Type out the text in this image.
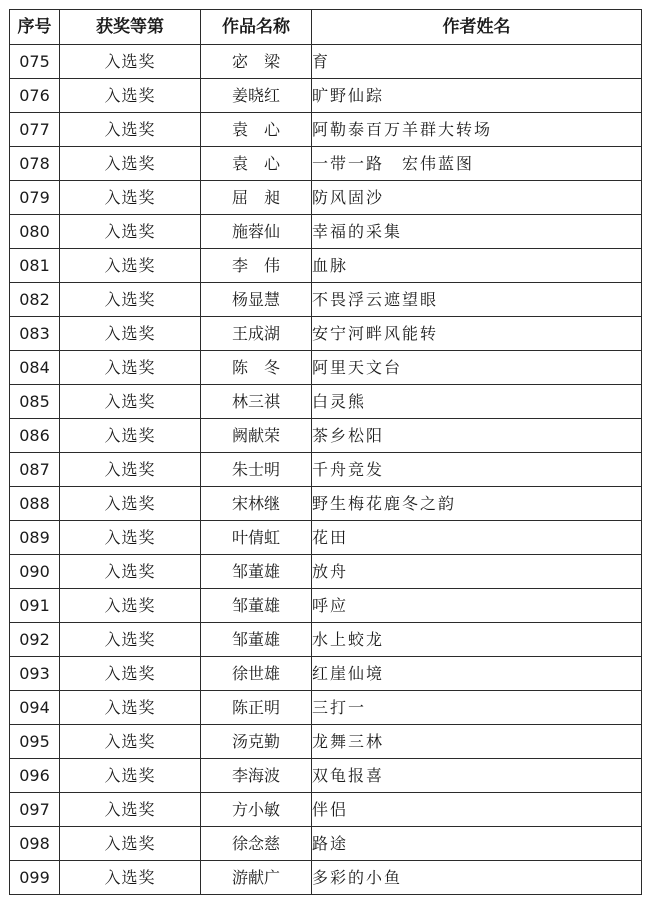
序号	获奖等第	作品名称	作者姓名
075	入选奖	宓　梁	育
076	入选奖	姜晓红	旷野仙踪
077	入选奖	袁　心	阿勒泰百万羊群大转场
078	入选奖	袁　心	一带一路　宏伟蓝图
079	入选奖	屈　昶	防风固沙
080	入选奖	施蓉仙	幸福的采集
081	入选奖	李　伟	血脉
082	入选奖	杨显慧	不畏浮云遮望眼
083	入选奖	王成湖	安宁河畔风能转
084	入选奖	陈　冬	阿里天文台
085	入选奖	林三祺	白灵熊
086	入选奖	阙献荣	茶乡松阳
087	入选奖	朱士明	千舟竞发
088	入选奖	宋林继	野生梅花鹿冬之韵
089	入选奖	叶倩虹	花田
090	入选奖	邹董雄	放舟
091	入选奖	邹董雄	呼应
092	入选奖	邹董雄	水上蛟龙
093	入选奖	徐世雄	红崖仙境
094	入选奖	陈正明	三打一
095	入选奖	汤克勤	龙舞三林
096	入选奖	李海波	双龟报喜
097	入选奖	方小敏	伴侣
098	入选奖	徐念慈	路途
099	入选奖	游献广	多彩的小鱼
